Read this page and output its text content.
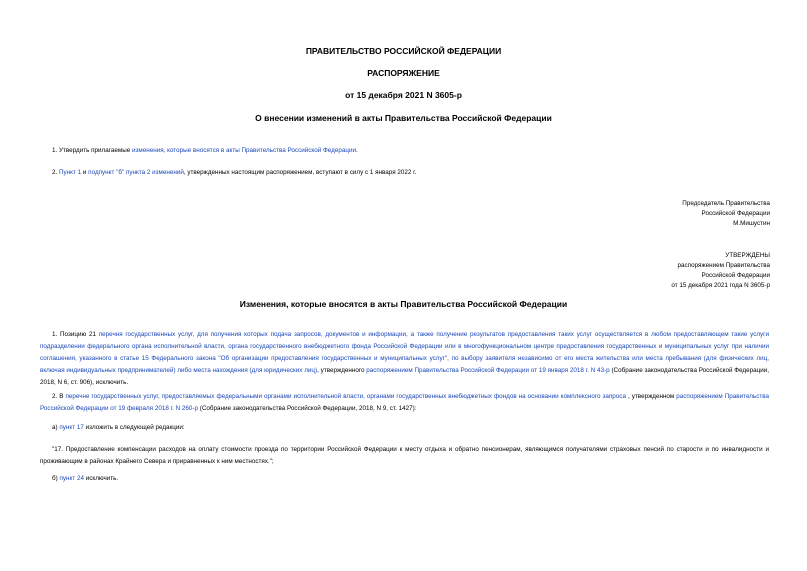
ПРАВИТЕЛЬСТВО РОССИЙСКОЙ ФЕДЕРАЦИИ
РАСПОРЯЖЕНИЕ
от 15 декабря 2021 N 3605-р
О внесении изменений в акты Правительства Российской Федерации
1. Утвердить прилагаемые изменения, которые вносятся в акты Правительства Российской Федерации.
2. Пункт 1 и подпункт "б" пункта 2 изменений, утвержденных настоящим распоряжением, вступают в силу с 1 января 2022 г.
Председатель Правительства
Российской Федерации
М.Мишустин
УТВЕРЖДЕНЫ
распоряжением Правительства
Российской Федерации
от 15 декабря 2021 года N 3605-р
Изменения, которые вносятся в акты Правительства Российской Федерации
1. Позицию 21 перечня государственных услуг, для получения которых подача запросов, документов и информации, а также получение результатов предоставления таких услуг осуществляется в любом предоставляющем такие услуги подразделении федерального органа исполнительной власти, органа государственного внебюджетного фонда Российской Федерации или в многофункциональном центре предоставления государственных и муниципальных услуг при наличии соглашения, указанного в статье 15 Федерального закона "Об организации предоставления государственных и муниципальных услуг", по выбору заявителя независимо от его места жительства или места пребывания (для физических лиц, включая индивидуальных предпринимателей) либо места нахождения (для юридических лиц), утвержденного распоряжением Правительства Российской Федерации от 19 января 2018 г. N 43-р (Собрание законодательства Российской Федерации, 2018, N 6, ст. 906), исключить.
2. В перечне государственных услуг, предоставляемых федеральными органами исполнительной власти, органами государственных внебюджетных фондов на основании комплексного запроса , утвержденном распоряжением Правительства Российской Федерации от 19 февраля 2018 г. N 260-р (Собрание законодательства Российской Федерации, 2018, N 9, ст. 1427):
а) пункт 17 изложить в следующей редакции:
"17. Предоставление компенсации расходов на оплату стоимости проезда по территории Российской Федерации к месту отдыха и обратно пенсионерам, являющимся получателями страховых пенсий по старости и по инвалидности и проживающим в районах Крайнего Севера и приравненных к ним местностях.";
б) пункт 24 исключить.
